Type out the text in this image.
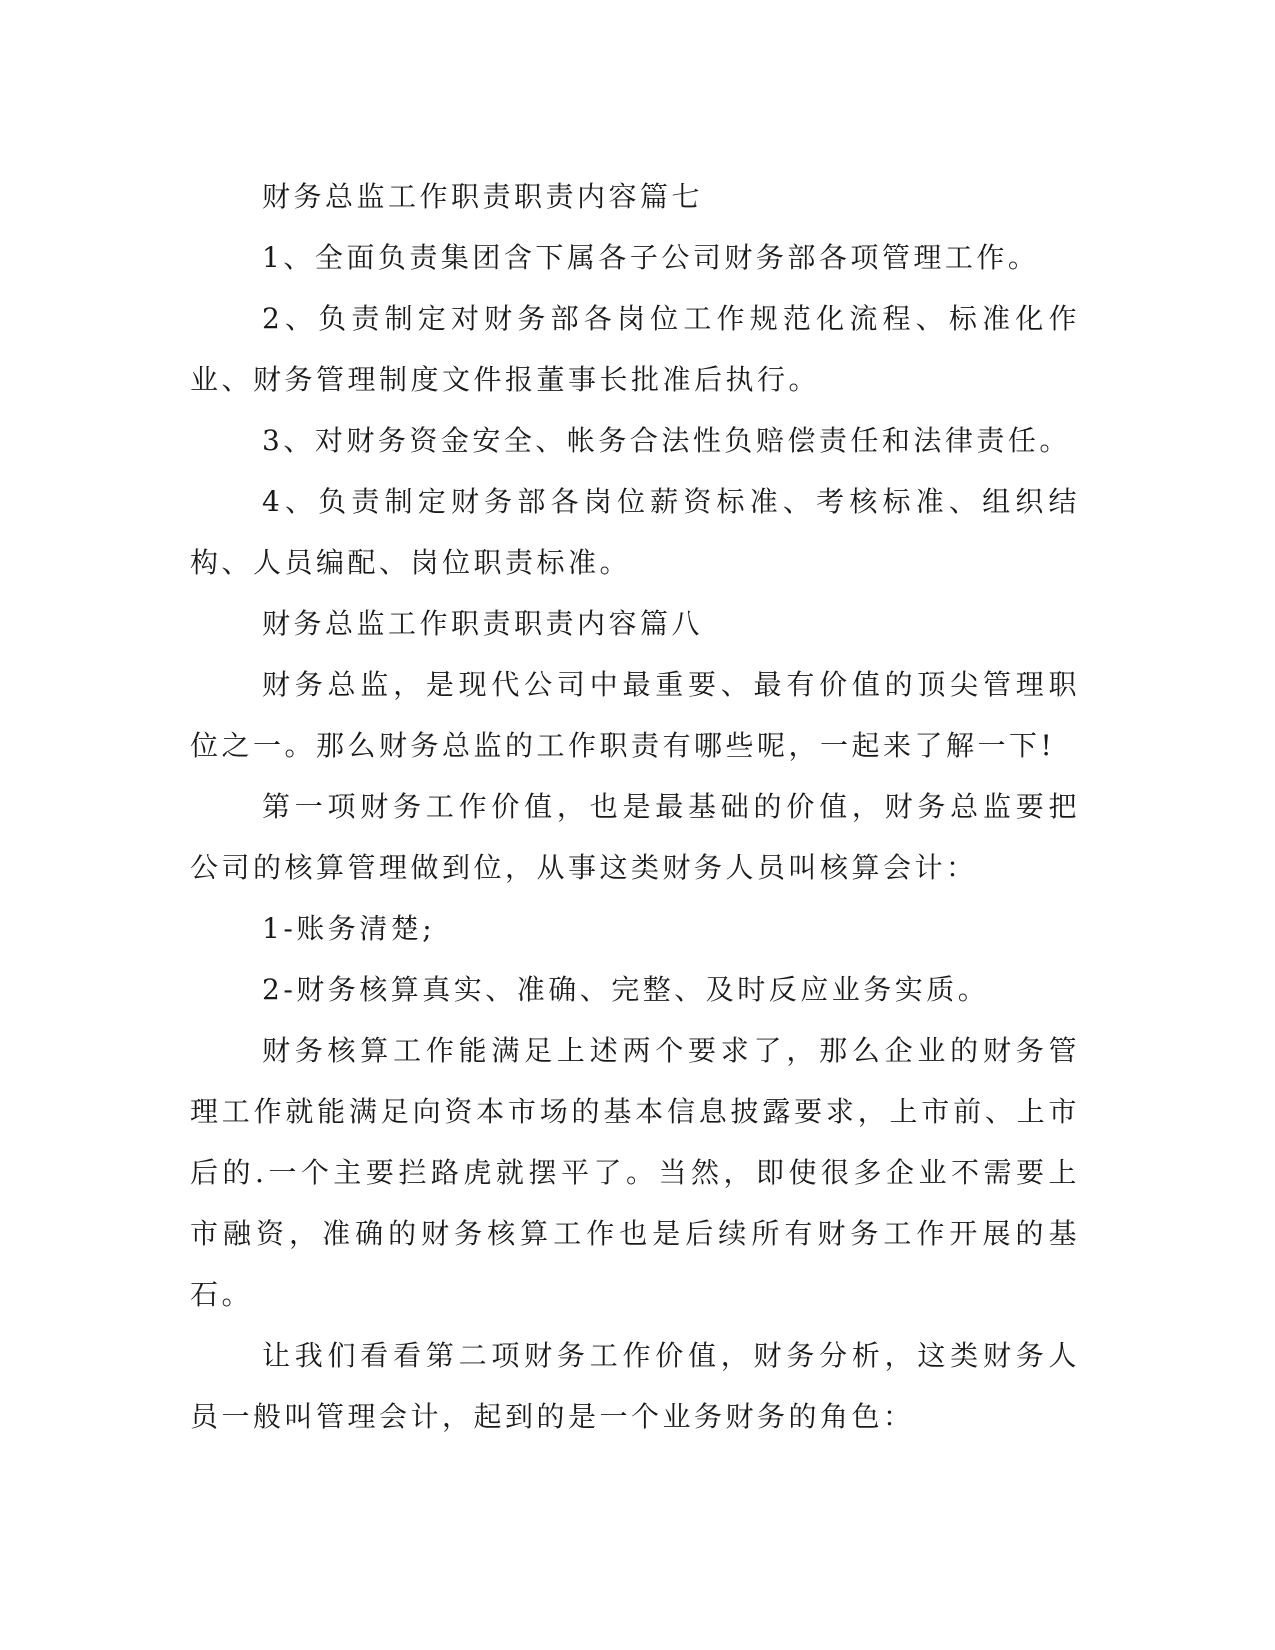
财务总监工作职责职责内容篇七

1、全面负责集团含下属各子公司财务部各项管理工作。

2、负责制定对财务部各岗位工作规范化流程、标准化作业、财务管理制度文件报董事长批准后执行。

3、对财务资金安全、帐务合法性负赔偿责任和法律责任。

4、负责制定财务部各岗位薪资标准、考核标准、组织结构、人员编配、岗位职责标准。

财务总监工作职责职责内容篇八

财务总监，是现代公司中最重要、最有价值的顶尖管理职位之一。那么财务总监的工作职责有哪些呢，一起来了解一下!

第一项财务工作价值，也是最基础的价值，财务总监要把公司的核算管理做到位，从事这类财务人员叫核算会计：

1-账务清楚;

2-财务核算真实、准确、完整、及时反应业务实质。

财务核算工作能满足上述两个要求了，那么企业的财务管理工作就能满足向资本市场的基本信息披露要求，上市前、上市后的.一个主要拦路虎就摆平了。当然，即使很多企业不需要上市融资，准确的财务核算工作也是后续所有财务工作开展的基石。

让我们看看第二项财务工作价值，财务分析，这类财务人员一般叫管理会计，起到的是一个业务财务的角色：
